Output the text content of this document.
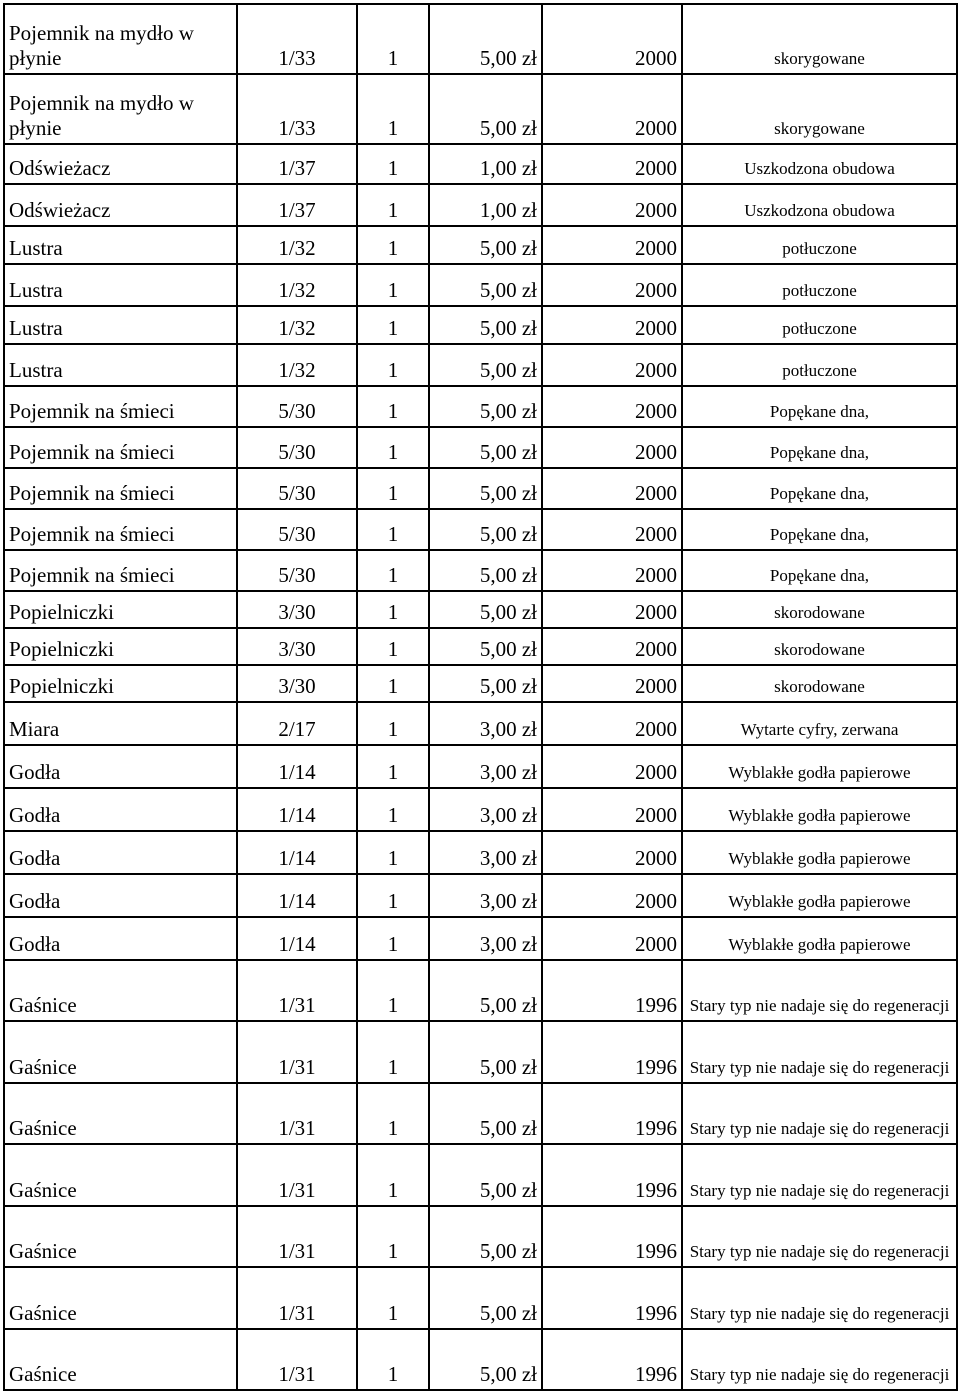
Pojemnik na mydło w płynie	1/33	1	5,00 zł	2000	skorygowane
Pojemnik na mydło w płynie	1/33	1	5,00 zł	2000	skorygowane
Odświeżacz	1/37	1	1,00 zł	2000	Uszkodzona obudowa
Odświeżacz	1/37	1	1,00 zł	2000	Uszkodzona obudowa
Lustra	1/32	1	5,00 zł	2000	potłuczone
Lustra	1/32	1	5,00 zł	2000	potłuczone
Lustra	1/32	1	5,00 zł	2000	potłuczone
Lustra	1/32	1	5,00 zł	2000	potłuczone
Pojemnik na śmieci	5/30	1	5,00 zł	2000	Popękane dna,
Pojemnik na śmieci	5/30	1	5,00 zł	2000	Popękane dna,
Pojemnik na śmieci	5/30	1	5,00 zł	2000	Popękane dna,
Pojemnik na śmieci	5/30	1	5,00 zł	2000	Popękane dna,
Pojemnik na śmieci	5/30	1	5,00 zł	2000	Popękane dna,
Popielniczki	3/30	1	5,00 zł	2000	skorodowane
Popielniczki	3/30	1	5,00 zł	2000	skorodowane
Popielniczki	3/30	1	5,00 zł	2000	skorodowane
Miara	2/17	1	3,00 zł	2000	Wytarte cyfry, zerwana
Godła	1/14	1	3,00 zł	2000	Wyblakłe godła papierowe
Godła	1/14	1	3,00 zł	2000	Wyblakłe godła papierowe
Godła	1/14	1	3,00 zł	2000	Wyblakłe godła papierowe
Godła	1/14	1	3,00 zł	2000	Wyblakłe godła papierowe
Godła	1/14	1	3,00 zł	2000	Wyblakłe godła papierowe
Gaśnice	1/31	1	5,00 zł	1996	Stary typ nie nadaje się do regeneracji
Gaśnice	1/31	1	5,00 zł	1996	Stary typ nie nadaje się do regeneracji
Gaśnice	1/31	1	5,00 zł	1996	Stary typ nie nadaje się do regeneracji
Gaśnice	1/31	1	5,00 zł	1996	Stary typ nie nadaje się do regeneracji
Gaśnice	1/31	1	5,00 zł	1996	Stary typ nie nadaje się do regeneracji
Gaśnice	1/31	1	5,00 zł	1996	Stary typ nie nadaje się do regeneracji
Gaśnice	1/31	1	5,00 zł	1996	Stary typ nie nadaje się do regeneracji
